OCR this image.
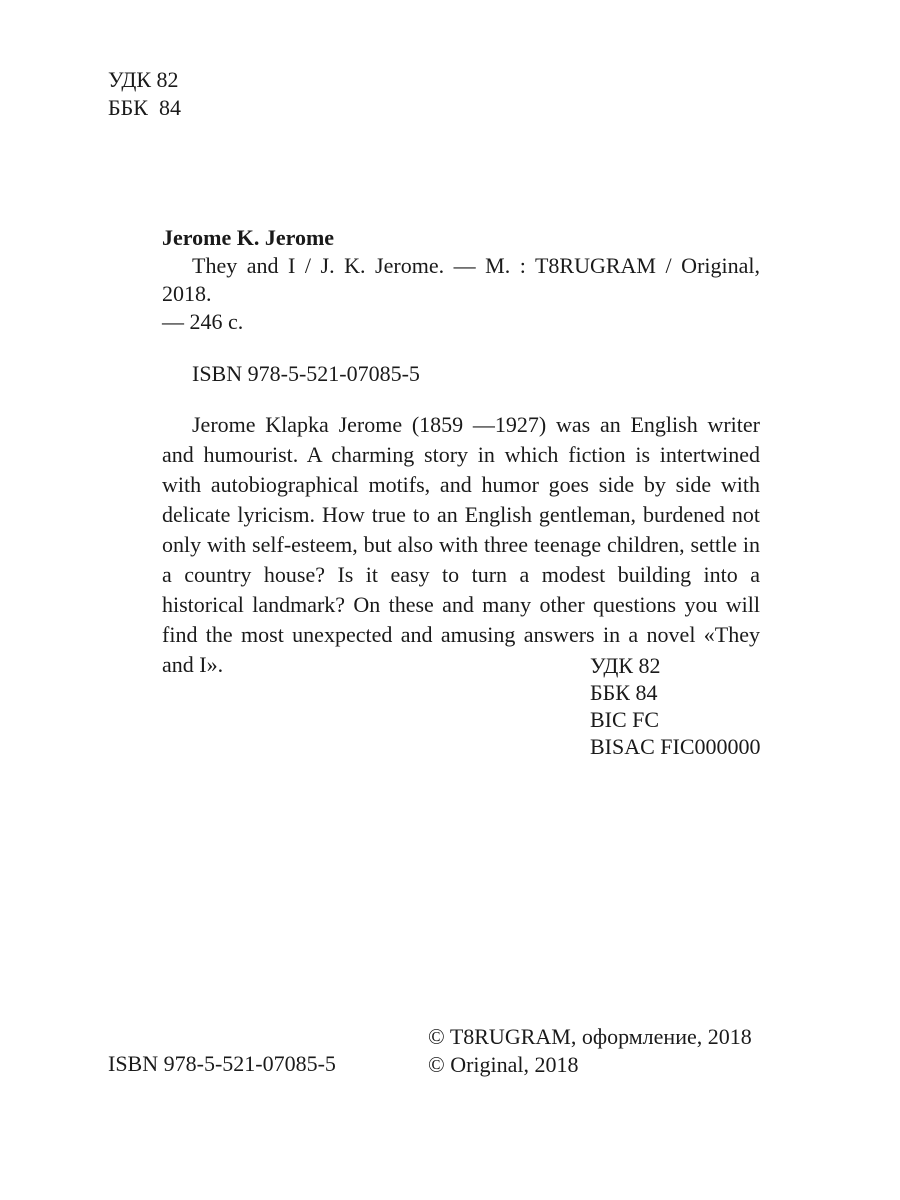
УДК 82
ББК  84
Jerome K. Jerome
They and I / J. K. Jerome. — M. : T8RUGRAM / Original, 2018.
— 246 с.
ISBN 978-5-521-07085-5
Jerome Klapka Jerome (1859 —1927) was an English writer and humourist. A charming story in which fiction is intertwined with autobiographical motifs, and humor goes side by side with delicate lyricism. How true to an English gentleman, burdened not only with self-esteem, but also with three teenage children, settle in a country house? Is it easy to turn a modest building into a historical landmark? On these and many other questions you will find the most unexpected and amusing answers in a novel «They and I».	УДК 82
ББК 84
BIC FC
BISAC FIC000000
ISBN 978-5-521-07085-5
© T8RUGRAM, оформление, 2018
© Original, 2018
